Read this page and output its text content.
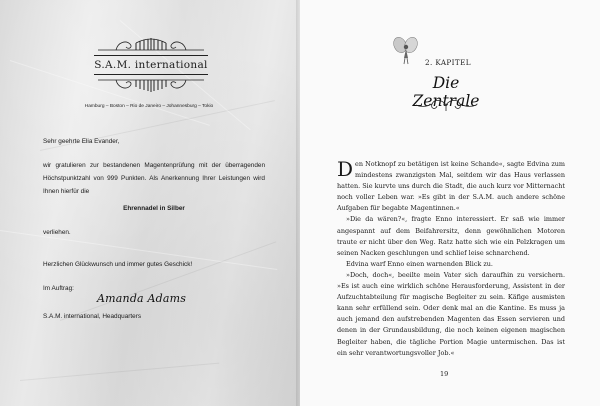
S.A.M. international
Hamburg – Boston – Rio de Janeiro – Johannesburg – Tokio
Sehr geehrte Elia Evander,
wir gratulieren zur bestandenen Magentenprüfung mit der überragenden Höchstpunktzahl von 999 Punkten. Als Anerkennung Ihrer Leistungen wird Ihnen hierfür die
Ehrennadel in Silber
verliehen.
Herzlichen Glückwunsch und immer gutes Geschick!
Im Auftrag:
Amanda Adams
S.A.M. international, Headquarters
2. KAPITEL
Die Zentrale

Den Notknopf zu betätigen ist keine Schande«, sagte Edvina zum mindestens zwanzigsten Mal, seitdem wir das Haus verlassen hatten. Sie kurvte uns durch die Stadt, die auch kurz vor Mitternacht noch voller Leben war. »Es gibt in der S.A.M. auch andere schöne Aufgaben für begabte Magentinnen.«

»Die da wären?«, fragte Enno interessiert. Er saß wie immer angespannt auf dem Beifahrersitz, denn gewöhnlichen Motoren traute er nicht über den Weg. Ratz hatte sich wie ein Pelzkragen um seinen Nacken geschlungen und schlief leise schnarchend.

Edvina warf Enno einen warnenden Blick zu.

»Doch, doch«, beeilte mein Vater sich daraufhin zu versichern. »Es ist auch eine wirklich schöne Herausforderung, Assistent in der Aufzuchtabteilung für magische Begleiter zu sein. Käfige ausmisten kann sehr erfüllend sein. Oder denk mal an die Kantine. Es muss ja auch jemand den aufstrebenden Magenten das Essen servieren und denen in der Grundausbildung, die noch keinen eigenen magischen Begleiter haben, die tägliche Portion Magie untermischen. Das ist ein sehr verantwortungsvoller Job.«

19
